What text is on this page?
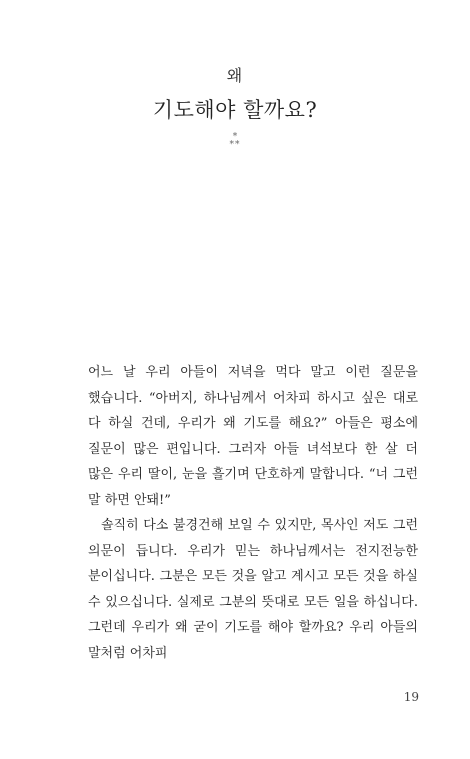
왜
기도해야 할까요?
*
**

어느 날 우리 아들이 저녁을 먹다 말고 이런 질문을 했습니다. “아버지, 하나님께서 어차피 하시고 싶은 대로 다 하실 건데, 우리가 왜 기도를 해요?” 아들은 평소에 질문이 많은 편입니다. 그러자 아들 녀석보다 한 살 더 많은 우리 딸이, 눈을 흘기며 단호하게 말합니다. “너 그런 말 하면 안돼!”

솔직히 다소 불경건해 보일 수 있지만, 목사인 저도 그런 의문이 듭니다. 우리가 믿는 하나님께서는 전지전능한 분이십니다. 그분은 모든 것을 알고 계시고 모든 것을 하실 수 있으십니다. 실제로 그분의 뜻대로 모든 일을 하십니다. 그런데 우리가 왜 굳이 기도를 해야 할까요? 우리 아들의 말처럼 어차피

19
